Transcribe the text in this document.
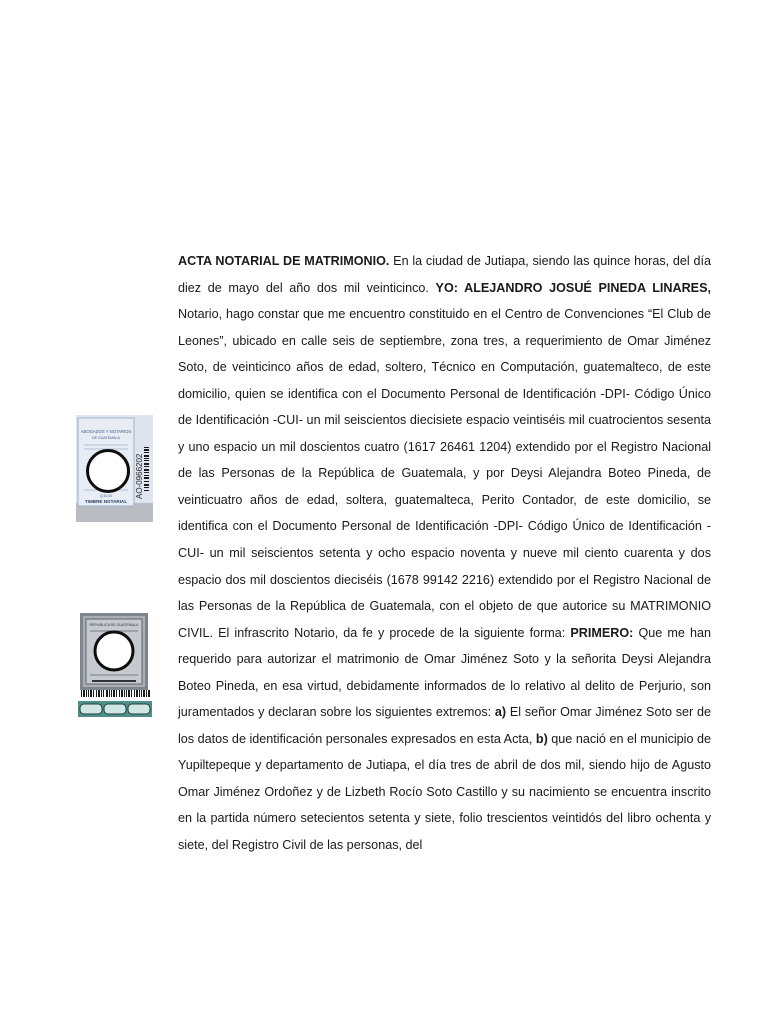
ABOGADOS Y NOTARIOS
DE GUATEMALA
Q.10.00
TIMBRE NOTARIAL
AO-0966202
REPUBLICA DE GUATEMALA

ACTA NOTARIAL DE MATRIMONIO. En la ciudad de Jutiapa, siendo las quince horas, del día diez de mayo del año dos mil veinticinco. YO: ALEJANDRO JOSUÉ PINEDA LINARES, Notario, hago constar que me encuentro constituido en el Centro de Convenciones “El Club de Leones”, ubicado en calle seis de septiembre, zona tres, a requerimiento de Omar Jiménez Soto, de veinticinco años de edad, soltero, Técnico en Computación, guatemalteco, de este domicilio, quien se identifica con el Documento Personal de Identificación -DPI- Código Único de Identificación -CUI- un mil seiscientos diecisiete espacio veintiséis mil cuatrocientos sesenta y uno espacio un mil doscientos cuatro (1617 26461 1204) extendido por el Registro Nacional de las Personas de la República de Guatemala, y por Deysi Alejandra Boteo Pineda, de veinticuatro años de edad, soltera, guatemalteca, Perito Contador, de este domicilio, se identifica con el Documento Personal de Identificación -DPI- Código Único de Identificación -CUI- un mil seiscientos setenta y ocho espacio noventa y nueve mil ciento cuarenta y dos espacio dos mil doscientos dieciséis (1678 99142 2216) extendido por el Registro Nacional de las Personas de la República de Guatemala, con el objeto de que autorice su MATRIMONIO CIVIL. El infrascrito Notario, da fe y procede de la siguiente forma: PRIMERO: Que me han requerido para autorizar el matrimonio de Omar Jiménez Soto y la señorita Deysi Alejandra Boteo Pineda, en esa virtud, debidamente informados de lo relativo al delito de Perjurio, son juramentados y declaran sobre los siguientes extremos: a) El señor Omar Jiménez Soto ser de los datos de identificación personales expresados en esta Acta, b) que nació en el municipio de Yupiltepeque y departamento de Jutiapa, el día tres de abril de dos mil, siendo hijo de Agusto Omar Jiménez Ordoñez y de Lizbeth Rocío Soto Castillo y su nacimiento se encuentra inscrito en la partida número setecientos setenta y siete, folio trescientos veintidós del libro ochenta y siete, del Registro Civil de las personas, del
